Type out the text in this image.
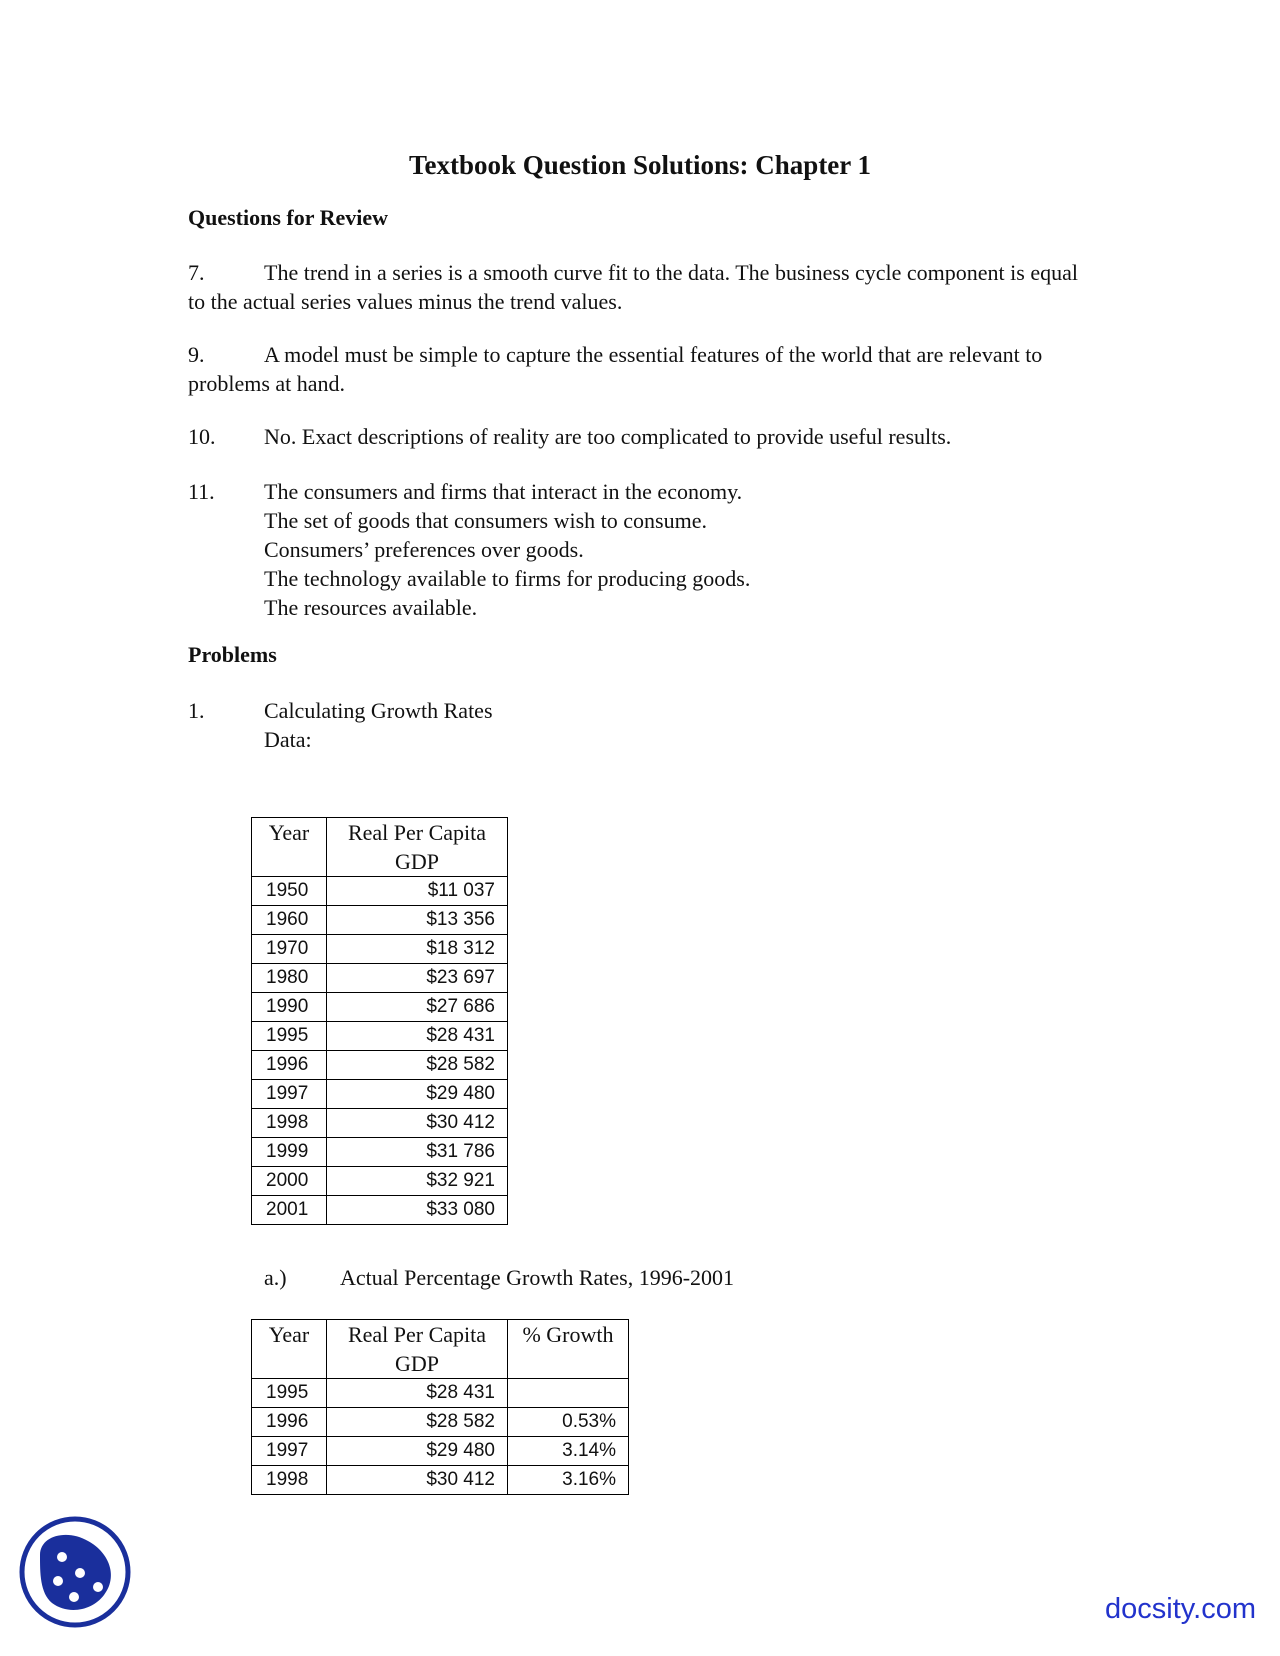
Textbook Question Solutions: Chapter 1
Questions for Review
7.	The trend in a series is a smooth curve fit to the data. The business cycle component is equal to the actual series values minus the trend values.
9.	A model must be simple to capture the essential features of the world that are relevant to problems at hand.
10. No. Exact descriptions of reality are too complicated to provide useful results.
11.	The consumers and firms that interact in the economy.
The set of goods that consumers wish to consume.
Consumers’ preferences over goods.
The technology available to firms for producing goods.
The resources available.
Problems
1.	Calculating Growth Rates
Data:
Year	Real Per Capita GDP
1950	$11 037
1960	$13 356
1970	$18 312
1980	$23 697
1990	$27 686
1995	$28 431
1996	$28 582
1997	$29 480
1998	$30 412
1999	$31 786
2000	$32 921
2001	$33 080
a.) Actual Percentage Growth Rates, 1996-2001
Year	Real Per Capita GDP	% Growth
1995	$28 431	
1996	$28 582	0.53%
1997	$29 480	3.14%
1998	$30 412	3.16%
docsity.com
